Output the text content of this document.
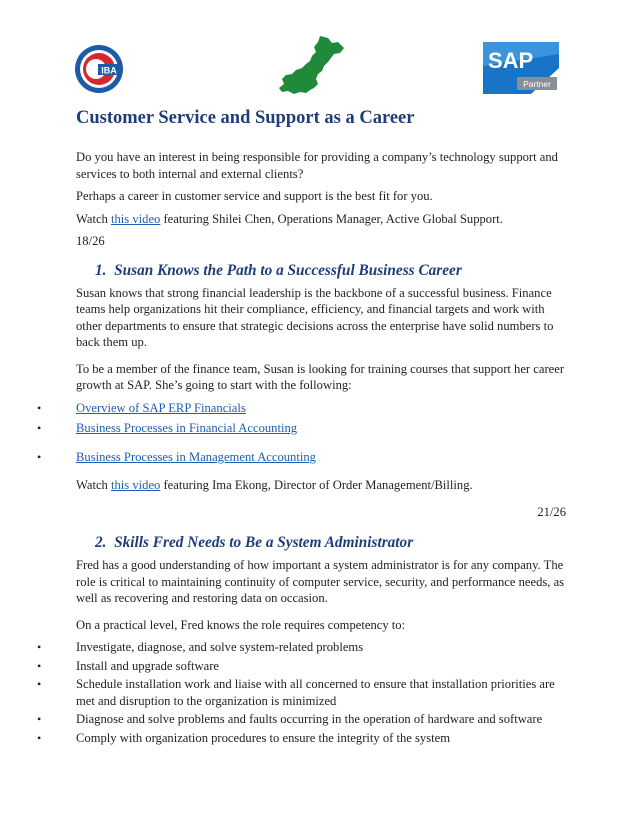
IBA	SAP
Partner
Customer Service and Support as a Career

Do you have an interest in being responsible for providing a company’s technology support and services to both internal and external clients?

Perhaps a career in customer service and support is the best fit for you.

Watch this video featuring Shilei Chen, Operations Manager, Active Global Support.

18/26

1.  Susan Knows the Path to a Successful Business Career

Susan knows that strong financial leadership is the backbone of a successful business. Finance teams help organizations hit their compliance, efficiency, and financial targets and work with other departments to ensure that strategic decisions across the enterprise have solid numbers to back them up.

To be a member of the finance team, Susan is looking for training courses that support her career growth at SAP. She’s going to start with the following:

• Overview of SAP ERP Financials
• Business Processes in Financial Accounting
• Business Processes in Management Accounting

Watch this video featuring Ima Ekong, Director of Order Management/Billing.

21/26

2.  Skills Fred Needs to Be a System Administrator

Fred has a good understanding of how important a system administrator is for any company. The role is critical to maintaining continuity of computer service, security, and performance needs, as well as recovering and restoring data on occasion.

On a practical level, Fred knows the role requires competency to:

• Investigate, diagnose, and solve system-related problems
• Install and upgrade software
• Schedule installation work and liaise with all concerned to ensure that installation priorities are met and disruption to the organization is minimized
• Diagnose and solve problems and faults occurring in the operation of hardware and software
• Comply with organization procedures to ensure the integrity of the system
